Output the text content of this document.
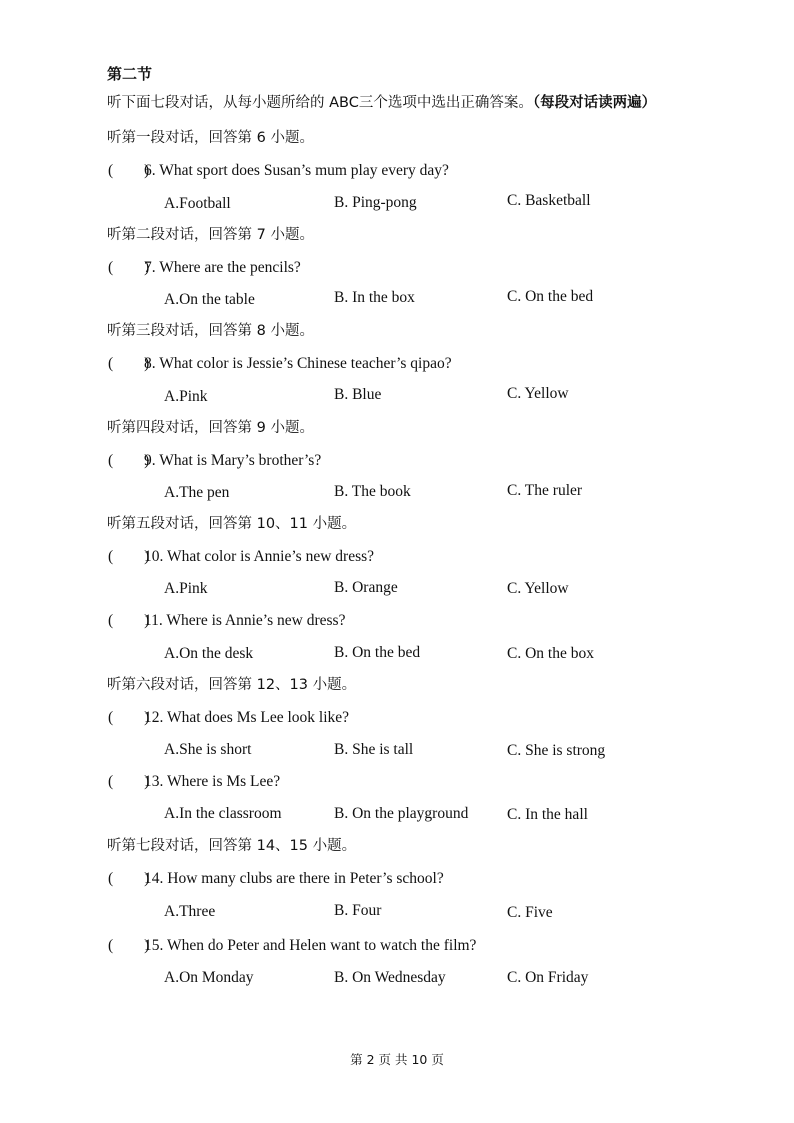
第二节
听下面七段对话，从每小题所给的 ABC三个选项中选出正确答案。（每段对话读两遍）
听第一段对话，回答第 6 小题。
(　　)6. What sport does Susan’s mum play every day?
A.Football	B. Ping-pong	C. Basketball
听第二段对话，回答第 7 小题。
(　　)7. Where are the pencils?
A.On the table	B. In the box	C. On the bed
听第三段对话，回答第 8 小题。
(　　)8. What color is Jessie’s Chinese teacher’s qipao?
A.Pink	B. Blue	C. Yellow
听第四段对话，回答第 9 小题。
(　　)9. What is Mary’s brother’s?
A.The pen	B. The book	C. The ruler
听第五段对话，回答第 10、11 小题。
(　　)10. What color is Annie’s new dress?
A.Pink	B. Orange	C. Yellow
(　　)11. Where is Annie’s new dress?
A.On the desk	B. On the bed	C. On the box
听第六段对话，回答第 12、13 小题。
(　　)12. What does Ms Lee look like?
A.She is short	B. She is tall	C. She is strong
(　　)13. Where is Ms Lee?
A.In the classroom	B. On the playground C. In the hall
听第七段对话，回答第 14、15 小题。
(　　)14. How many clubs are there in Peter’s school?
A.Three	B. Four	C. Five
(　　)15. When do Peter and Helen want to watch the film?
A.On Monday	B. On Wednesday	C. On Friday
第 2 页 共 10 页
